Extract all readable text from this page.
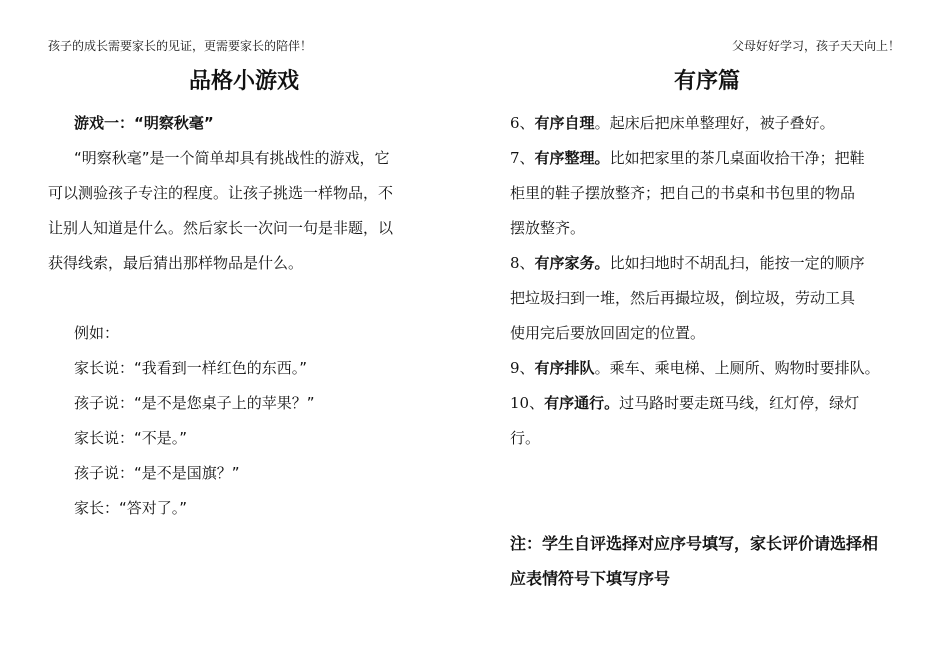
孩子的成长需要家长的见证，更需要家长的陪伴！	父母好好学习，孩子天天向上！
品格小游戏

游戏一：“明察秋毫”

“明察秋毫”是一个简单却具有挑战性的游戏，它

可以测验孩子专注的程度。让孩子挑选一样物品，不

让别人知道是什么。然后家长一次问一句是非题，以

获得线索，最后猜出那样物品是什么。

例如：

家长说：“我看到一样红色的东西。”

孩子说：“是不是您桌子上的苹果？”

家长说：“不是。”

孩子说：“是不是国旗？”

家长：“答对了。”

有序篇

6、有序自理。起床后把床单整理好，被子叠好。

7、有序整理。比如把家里的茶几桌面收拾干净；把鞋

柜里的鞋子摆放整齐；把自己的书桌和书包里的物品

摆放整齐。

8、有序家务。比如扫地时不胡乱扫，能按一定的顺序

把垃圾扫到一堆，然后再撮垃圾，倒垃圾，劳动工具

使用完后要放回固定的位置。

9、有序排队。乘车、乘电梯、上厕所、购物时要排队。

10、有序通行。过马路时要走斑马线，红灯停，绿灯

行。

注：学生自评选择对应序号填写，家长评价请选择相

应表情符号下填写序号
